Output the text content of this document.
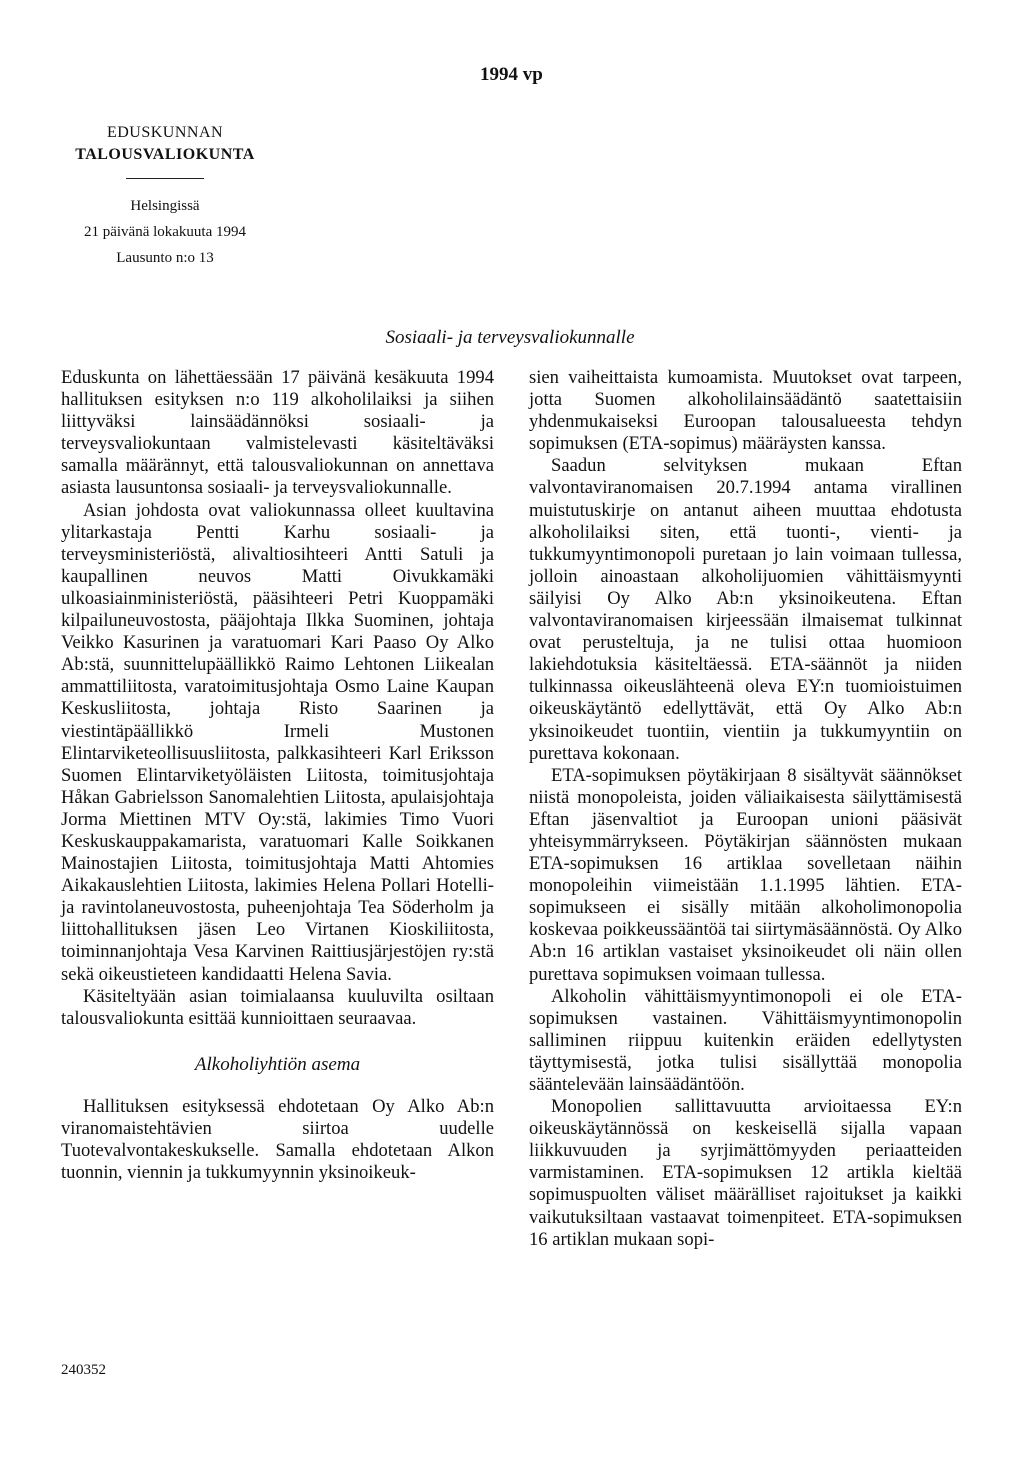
1994 vp
EDUSKUNNAN
TALOUSVALIOKUNTA
Helsingissä
21 päivänä lokakuuta 1994
Lausunto n:o 13
Sosiaali- ja terveysvaliokunnalle

Eduskunta on lähettäessään 17 päivänä kesäkuuta 1994 hallituksen esityksen n:o 119 alkoholilaiksi ja siihen liittyväksi lainsäädännöksi sosiaali- ja terveysvaliokuntaan valmistelevasti käsiteltäväksi samalla määrännyt, että talousvaliokunnan on annettava asiasta lausuntonsa sosiaali- ja terveysvaliokunnalle.

Asian johdosta ovat valiokunnassa olleet kuultavina ylitarkastaja Pentti Karhu sosiaali- ja terveysministeriöstä, alivaltiosihteeri Antti Satuli ja kaupallinen neuvos Matti Oivukkamäki ulkoasiainministeriöstä, pääsihteeri Petri Kuoppamäki kilpailuneuvostosta, pääjohtaja Ilkka Suominen, johtaja Veikko Kasurinen ja varatuomari Kari Paaso Oy Alko Ab:stä, suunnittelupäällikkö Raimo Lehtonen Liikealan ammattiliitosta, varatoimitusjohtaja Osmo Laine Kaupan Keskusliitosta, johtaja Risto Saarinen ja viestintäpäällikkö Irmeli Mustonen Elintarviketeollisuusliitosta, palkkasihteeri Karl Eriksson Suomen Elintarviketyöläisten Liitosta, toimitusjohtaja Håkan Gabrielsson Sanomalehtien Liitosta, apulaisjohtaja Jorma Miettinen MTV Oy:stä, lakimies Timo Vuori Keskuskauppakamarista, varatuomari Kalle Soikkanen Mainostajien Liitosta, toimitusjohtaja Matti Ahtomies Aikakauslehtien Liitosta, lakimies Helena Pollari Hotelli- ja ravintolaneuvostosta, puheenjohtaja Tea Söderholm ja liittohallituksen jäsen Leo Virtanen Kioskiliitosta, toiminnanjohtaja Vesa Karvinen Raittiusjärjestöjen ry:stä sekä oikeustieteen kandidaatti Helena Savia.

Käsiteltyään asian toimialaansa kuuluvilta osiltaan talousvaliokunta esittää kunnioittaen seuraavaa.

Alkoholiyhtiön asema

Hallituksen esityksessä ehdotetaan Oy Alko Ab:n viranomaistehtävien siirtoa uudelle Tuotevalvontakeskukselle. Samalla ehdotetaan Alkon tuonnin, viennin ja tukkumyynnin yksinoikeuk-

sien vaiheittaista kumoamista. Muutokset ovat tarpeen, jotta Suomen alkoholilainsäädäntö saatettaisiin yhdenmukaiseksi Euroopan talousalueesta tehdyn sopimuksen (ETA-sopimus) määräysten kanssa.

Saadun selvityksen mukaan Eftan valvontaviranomaisen 20.7.1994 antama virallinen muistutuskirje on antanut aiheen muuttaa ehdotusta alkoholilaiksi siten, että tuonti-, vienti- ja tukkumyyntimonopoli puretaan jo lain voimaan tullessa, jolloin ainoastaan alkoholijuomien vähittäismyynti säilyisi Oy Alko Ab:n yksinoikeutena. Eftan valvontaviranomaisen kirjeessään ilmaisemat tulkinnat ovat perusteltuja, ja ne tulisi ottaa huomioon lakiehdotuksia käsiteltäessä. ETA-säännöt ja niiden tulkinnassa oikeuslähteenä oleva EY:n tuomioistuimen oikeuskäytäntö edellyttävät, että Oy Alko Ab:n yksinoikeudet tuontiin, vientiin ja tukkumyyntiin on purettava kokonaan.

ETA-sopimuksen pöytäkirjaan 8 sisältyvät säännökset niistä monopoleista, joiden väliaikaisesta säilyttämisestä Eftan jäsenvaltiot ja Euroopan unioni pääsivät yhteisymmärrykseen. Pöytäkirjan säännösten mukaan ETA-sopimuksen 16 artiklaa sovelletaan näihin monopoleihin viimeistään 1.1.1995 lähtien. ETA-sopimukseen ei sisälly mitään alkoholimonopolia koskevaa poikkeussääntöä tai siirtymäsäännöstä. Oy Alko Ab:n 16 artiklan vastaiset yksinoikeudet oli näin ollen purettava sopimuksen voimaan tullessa.

Alkoholin vähittäismyyntimonopoli ei ole ETA-sopimuksen vastainen. Vähittäismyyntimonopolin salliminen riippuu kuitenkin eräiden edellytysten täyttymisestä, jotka tulisi sisällyttää monopolia sääntelevään lainsäädäntöön.

Monopolien sallittavuutta arvioitaessa EY:n oikeuskäytännössä on keskeisellä sijalla vapaan liikkuvuuden ja syrjimättömyyden periaatteiden varmistaminen. ETA-sopimuksen 12 artikla kieltää sopimuspuolten väliset määrälliset rajoitukset ja kaikki vaikutuksiltaan vastaavat toimenpiteet. ETA-sopimuksen 16 artiklan mukaan sopi-

240352
